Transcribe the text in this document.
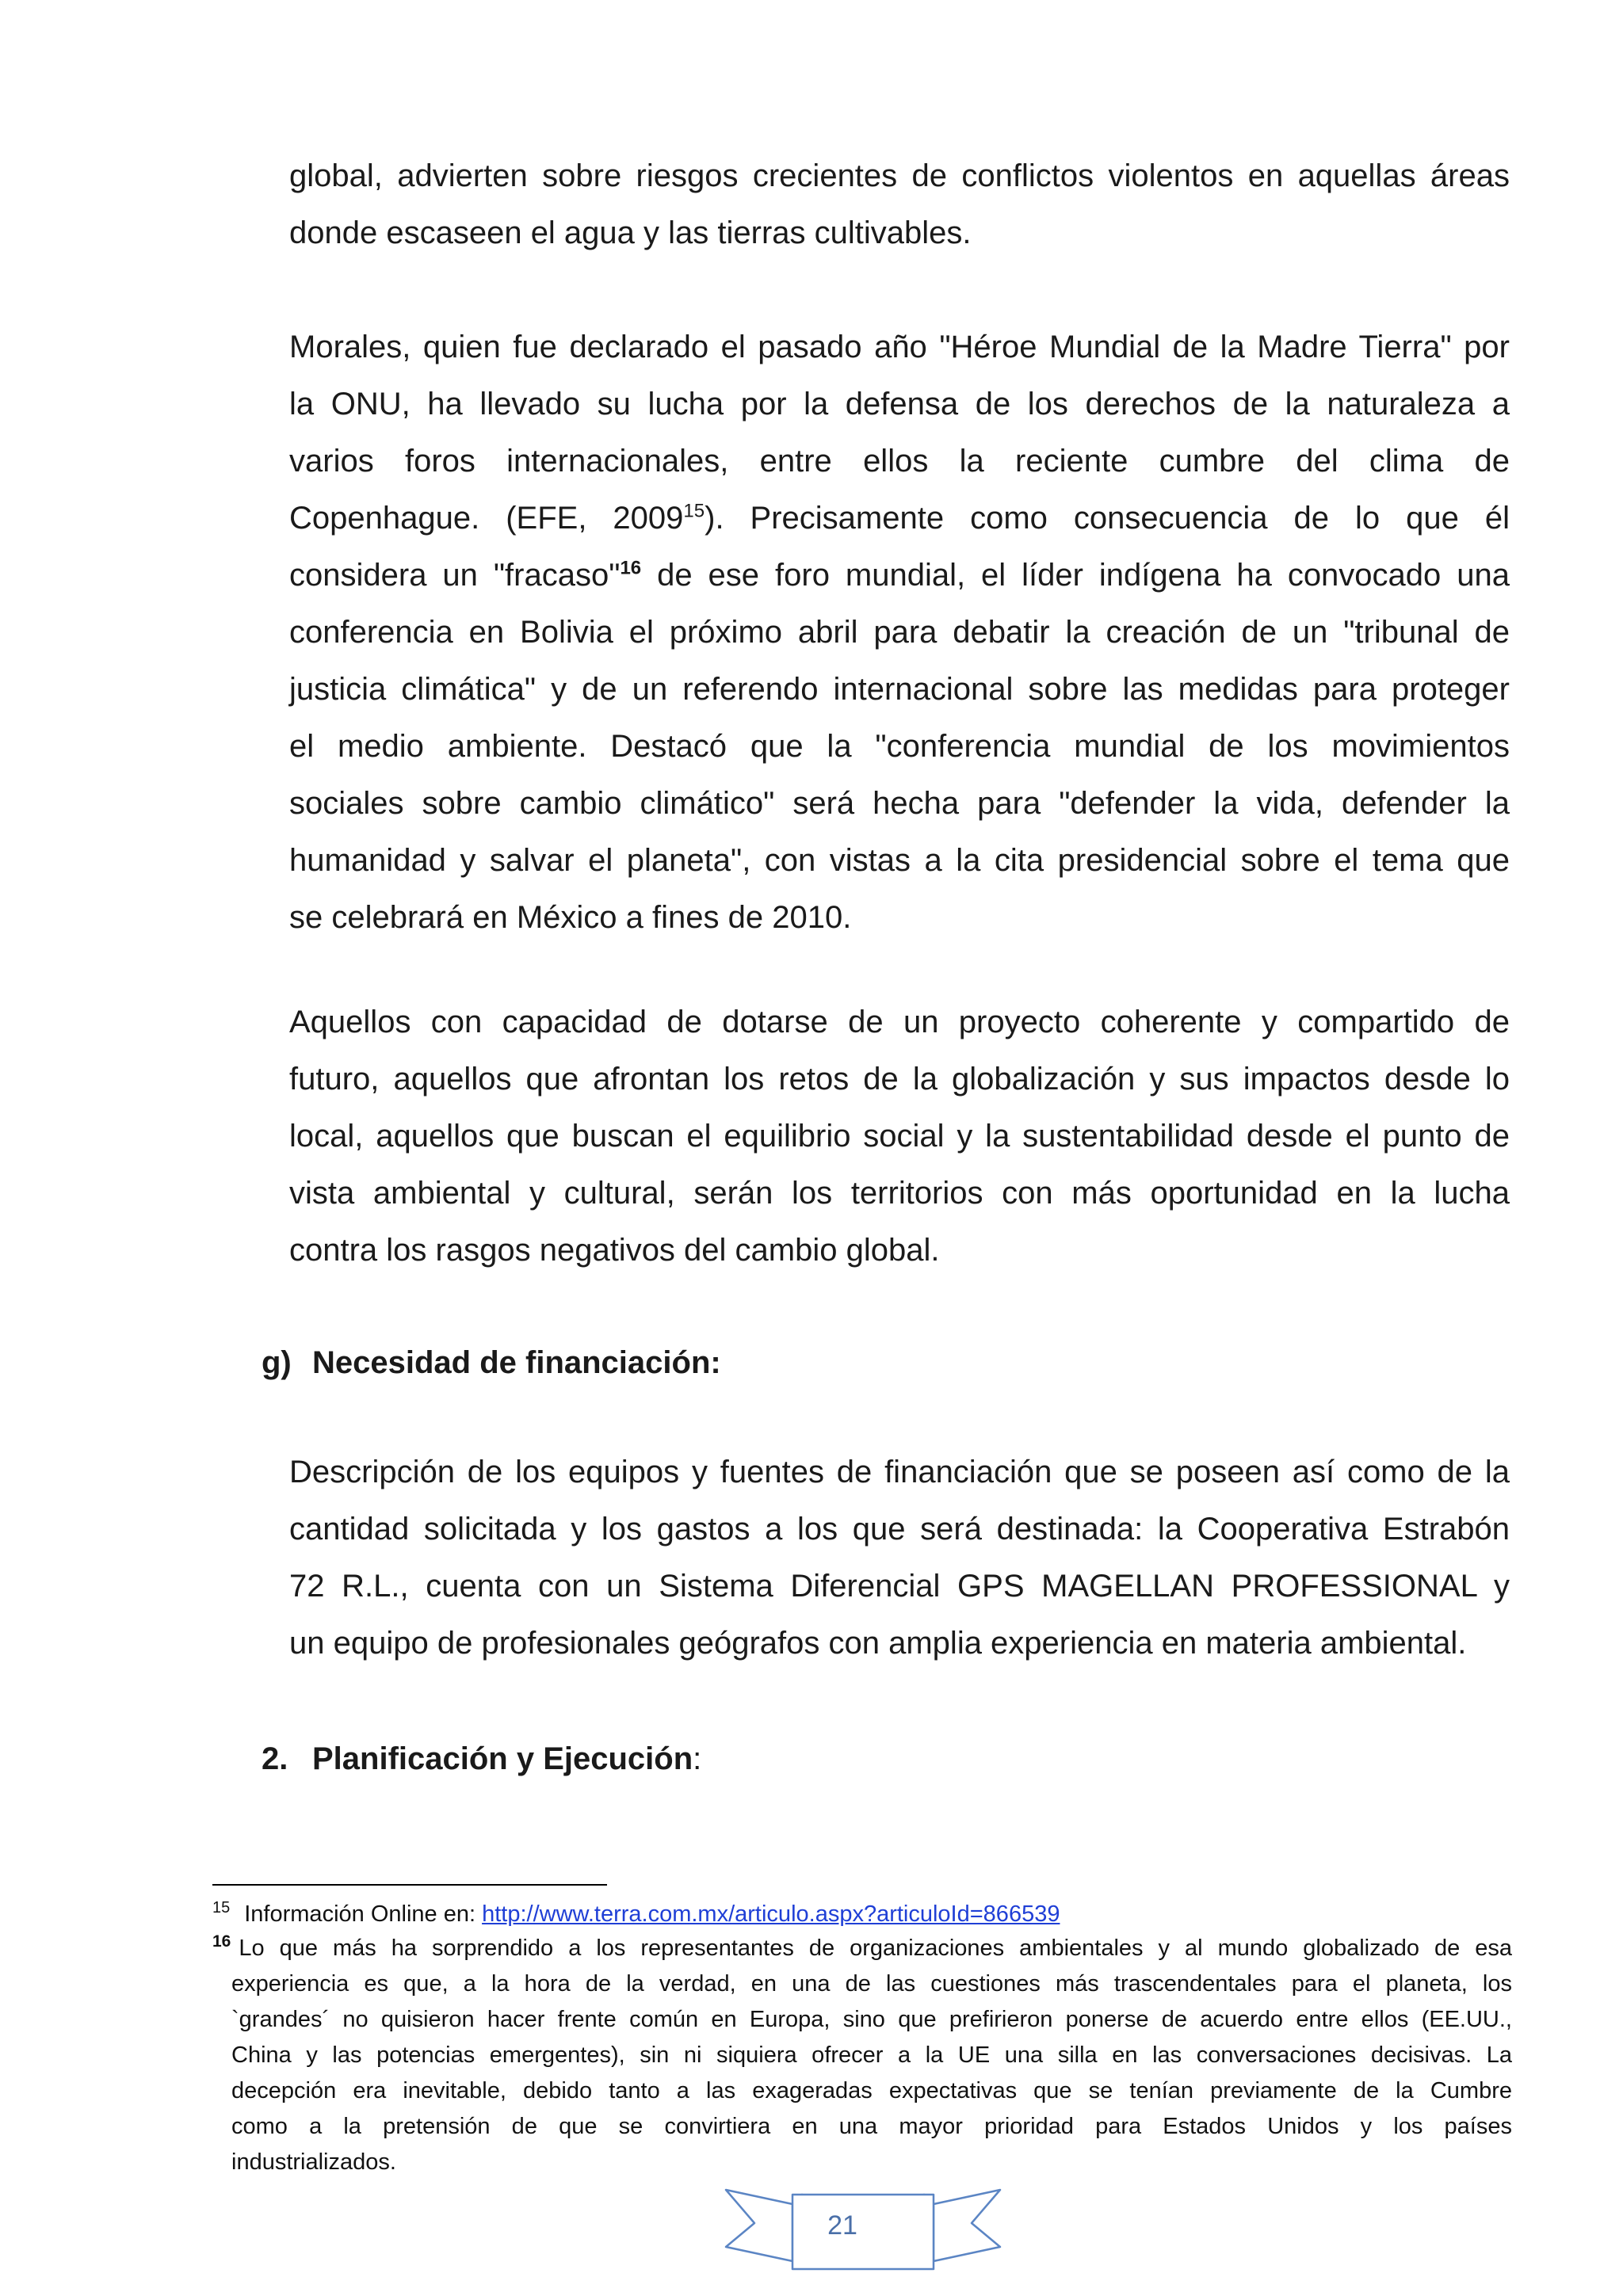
global, advierten sobre riesgos crecientes de conflictos violentos en aquellas áreas
donde escaseen el agua y las tierras cultivables.
Morales, quien fue declarado el pasado año "Héroe Mundial de la Madre Tierra" por
la ONU, ha llevado su lucha por la defensa de los derechos de la naturaleza a
varios foros internacionales, entre ellos la reciente cumbre del clima de
Copenhague. (EFE, 2009$^{15}$). Precisamente como consecuencia de lo que él
considera un "fracaso"$^{16}$ de ese foro mundial, el líder indígena ha convocado una
conferencia en Bolivia el próximo abril para debatir la creación de un "tribunal de
justicia climática" y de un referendo internacional sobre las medidas para proteger
el medio ambiente. Destacó que la "conferencia mundial de los movimientos
sociales sobre cambio climático" será hecha para "defender la vida, defender la
humanidad y salvar el planeta", con vistas a la cita presidencial sobre el tema que
se celebrará en México a fines de 2010.
Aquellos con capacidad de dotarse de un proyecto coherente y compartido de
futuro, aquellos que afrontan los retos de la globalización y sus impactos desde lo
local, aquellos que buscan el equilibrio social y la sustentabilidad desde el punto de
vista ambiental y cultural, serán los territorios con más oportunidad en la lucha
contra los rasgos negativos del cambio global.
g) Necesidad de financiación:
Descripción de los equipos y fuentes de financiación que se poseen así como de la
cantidad solicitada y los gastos a los que será destinada: la Cooperativa Estrabón
72 R.L., cuenta con un Sistema Diferencial GPS MAGELLAN PROFESSIONAL y
un equipo de profesionales geógrafos con amplia experiencia en materia ambiental.
2. Planificación y Ejecución:
$^{15}$ Información Online en: http://www.terra.com.mx/articulo.aspx?articuloId=866539
$^{16}$ Lo que más ha sorprendido a los representantes de organizaciones ambientales y al mundo globalizado de esa
experiencia es que, a la hora de la verdad, en una de las cuestiones más trascendentales para el planeta, los
`grandes´ no quisieron hacer frente común en Europa, sino que prefirieron ponerse de acuerdo entre ellos (EE.UU.,
China y las potencias emergentes), sin ni siquiera ofrecer a la UE una silla en las conversaciones decisivas. La
decepción era inevitable, debido tanto a las exageradas expectativas que se tenían previamente de la Cumbre
como a la pretensión de que se convirtiera en una mayor prioridad para Estados Unidos y los países
industrializados.
21
